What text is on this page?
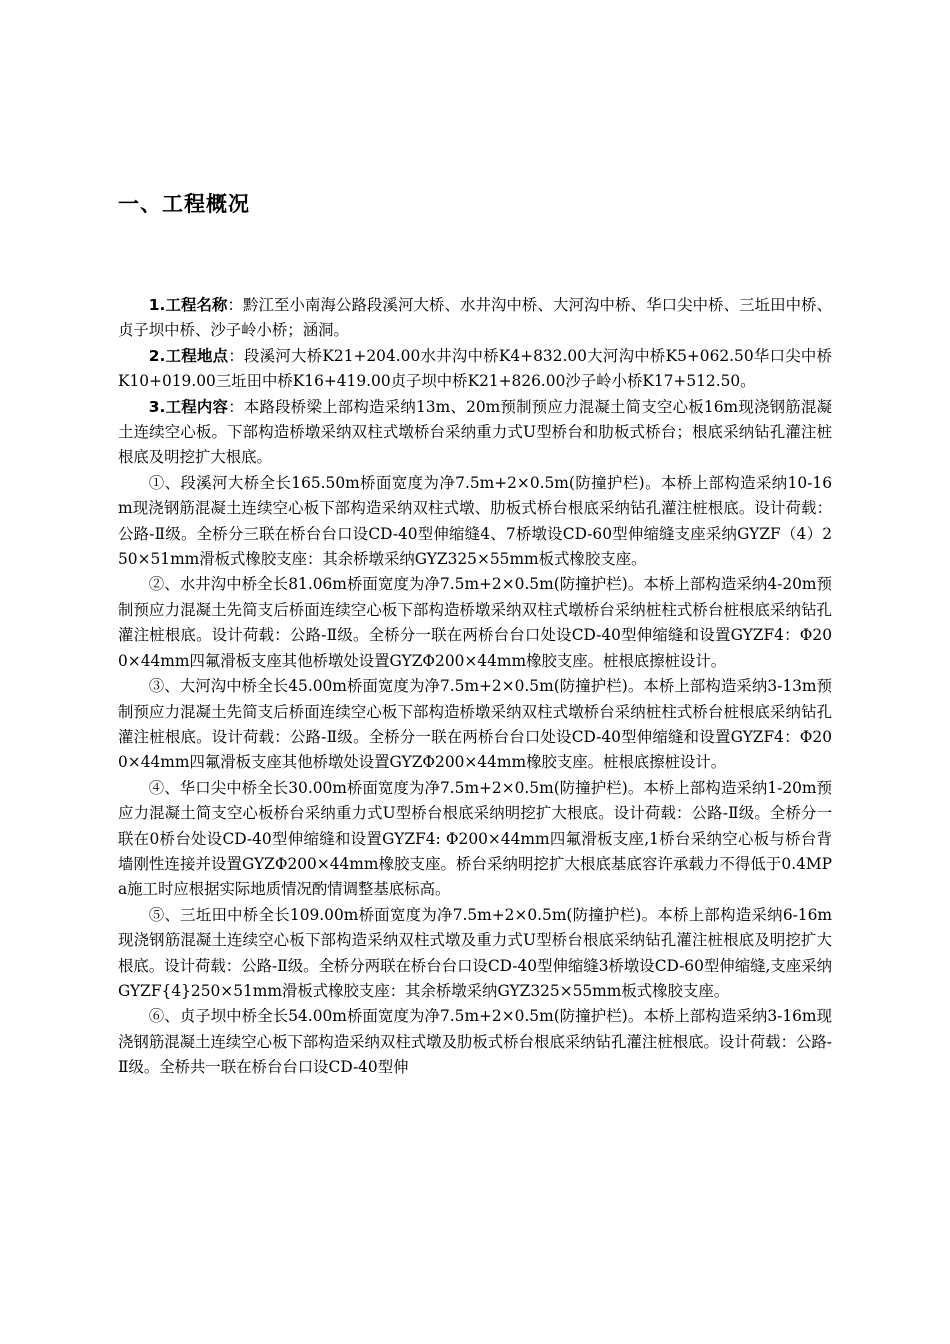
一、工程概况

1.工程名称：黔江至小南海公路段溪河大桥、水井沟中桥、大河沟中桥、华口尖中桥、三坵田中桥、贞子坝中桥、沙子岭小桥；涵洞。

2.工程地点：段溪河大桥K21+204.00水井沟中桥K4+832.00大河沟中桥K5+062.50华口尖中桥K10+019.00三坵田中桥K16+419.00贞子坝中桥K21+826.00沙子岭小桥K17+512.50。

3.工程内容：本路段桥梁上部构造采纳13m、20m预制预应力混凝土简支空心板16m现浇钢筋混凝土连续空心板。下部构造桥墩采纳双柱式墩桥台采纳重力式U型桥台和肋板式桥台；根底采纳钻孔灌注桩根底及明挖扩大根底。

①、段溪河大桥全长165.50m桥面宽度为净7.5m+2×0.5m(防撞护栏)。本桥上部构造采纳10-16m现浇钢筋混凝土连续空心板下部构造采纳双柱式墩、肋板式桥台根底采纳钻孔灌注桩根底。设计荷载：公路-Ⅱ级。全桥分三联在桥台台口设CD-40型伸缩缝4、7桥墩设CD-60型伸缩缝支座采纳GYZF（4）250×51mm滑板式橡胶支座：其余桥墩采纳GYZ325×55mm板式橡胶支座。

②、水井沟中桥全长81.06m桥面宽度为净7.5m+2×0.5m(防撞护栏)。本桥上部构造采纳4-20m预制预应力混凝土先简支后桥面连续空心板下部构造桥墩采纳双柱式墩桥台采纳桩柱式桥台桩根底采纳钻孔灌注桩根底。设计荷载：公路-Ⅱ级。全桥分一联在两桥台台口处设CD-40型伸缩缝和设置GYZF4：Φ200×44mm四氟滑板支座其他桥墩处设置GYZΦ200×44mm橡胶支座。桩根底擦桩设计。

③、大河沟中桥全长45.00m桥面宽度为净7.5m+2×0.5m(防撞护栏)。本桥上部构造采纳3-13m预制预应力混凝土先简支后桥面连续空心板下部构造桥墩采纳双柱式墩桥台采纳桩柱式桥台桩根底采纳钻孔灌注桩根底。设计荷载：公路-Ⅱ级。全桥分一联在两桥台台口处设CD-40型伸缩缝和设置GYZF4：Φ200×44mm四氟滑板支座其他桥墩处设置GYZΦ200×44mm橡胶支座。桩根底擦桩设计。

④、华口尖中桥全长30.00m桥面宽度为净7.5m+2×0.5m(防撞护栏)。本桥上部构造采纳1-20m预应力混凝土简支空心板桥台采纳重力式U型桥台根底采纳明挖扩大根底。设计荷载：公路-Ⅱ级。全桥分一联在0桥台处设CD-40型伸缩缝和设置GYZF4: Φ200×44mm四氟滑板支座,1桥台采纳空心板与桥台背墙刚性连接并设置GYZΦ200×44mm橡胶支座。桥台采纳明挖扩大根底基底容许承载力不得低于0.4MPa施工时应根据实际地质情况酌情调整基底标高。

⑤、三坵田中桥全长109.00m桥面宽度为净7.5m+2×0.5m(防撞护栏)。本桥上部构造采纳6-16m现浇钢筋混凝土连续空心板下部构造采纳双柱式墩及重力式U型桥台根底采纳钻孔灌注桩根底及明挖扩大根底。设计荷载：公路-Ⅱ级。全桥分两联在桥台台口设CD-40型伸缩缝3桥墩设CD-60型伸缩缝,支座采纳GYZF{4}250×51mm滑板式橡胶支座：其余桥墩采纳GYZ325×55mm板式橡胶支座。

⑥、贞子坝中桥全长54.00m桥面宽度为净7.5m+2×0.5m(防撞护栏)。本桥上部构造采纳3-16m现浇钢筋混凝土连续空心板下部构造采纳双柱式墩及肋板式桥台根底采纳钻孔灌注桩根底。设计荷载：公路-Ⅱ级。全桥共一联在桥台台口设CD-40型伸
